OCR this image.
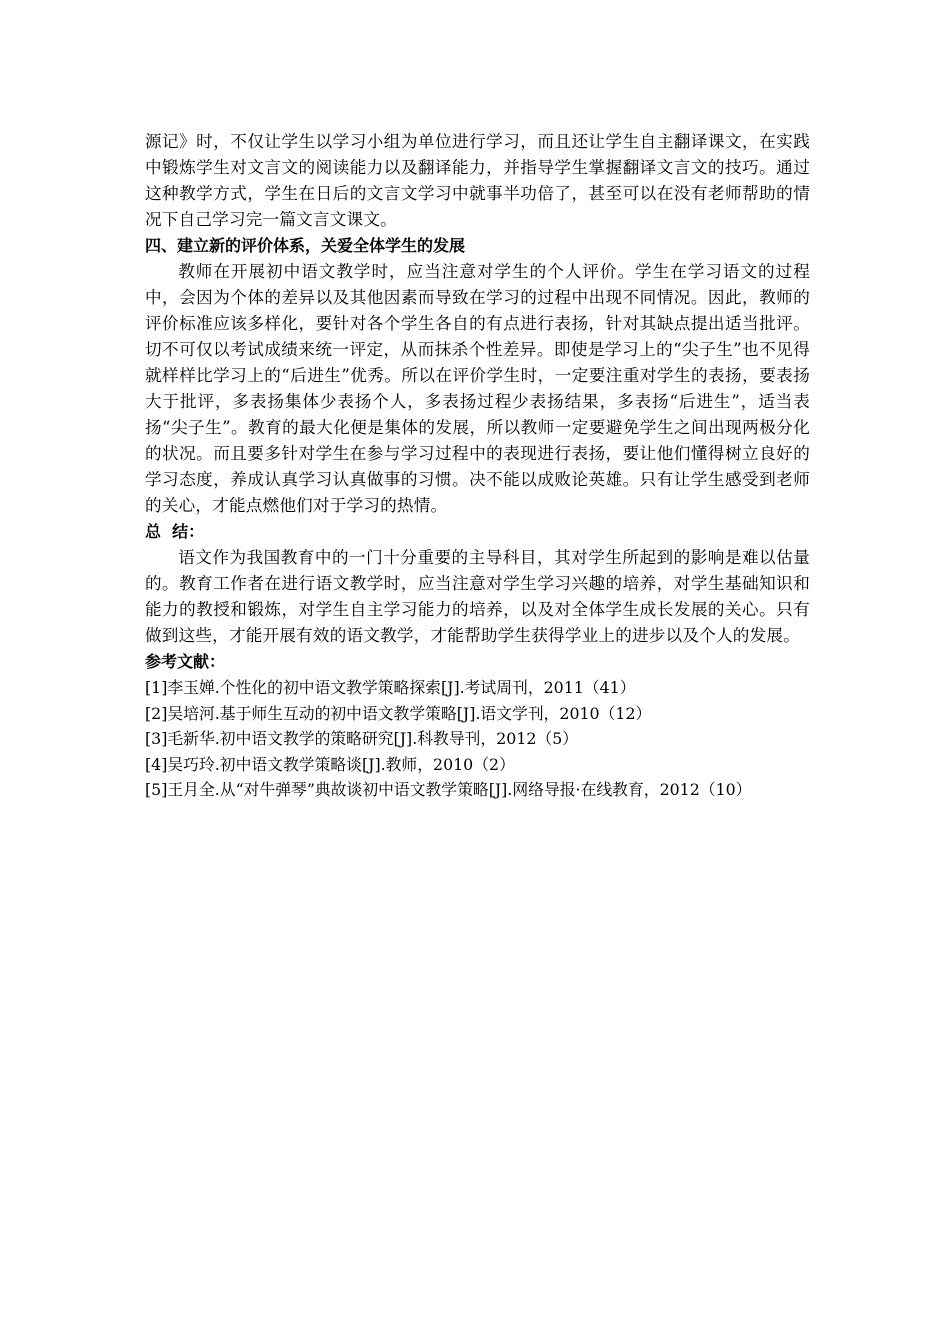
源记》时，不仅让学生以学习小组为单位进行学习，而且还让学生自主翻译课文，在实践中锻炼学生对文言文的阅读能力以及翻译能力，并指导学生掌握翻译文言文的技巧。通过这种教学方式，学生在日后的文言文学习中就事半功倍了，甚至可以在没有老师帮助的情况下自己学习完一篇文言文课文。

四、建立新的评价体系，关爱全体学生的发展

教师在开展初中语文教学时，应当注意对学生的个人评价。学生在学习语文的过程中，会因为个体的差异以及其他因素而导致在学习的过程中出现不同情况。因此，教师的评价标准应该多样化，要针对各个学生各自的有点进行表扬，针对其缺点提出适当批评。切不可仅以考试成绩来统一评定，从而抹杀个性差异。即使是学习上的“尖子生”也不见得就样样比学习上的“后进生”优秀。所以在评价学生时，一定要注重对学生的表扬，要表扬大于批评，多表扬集体少表扬个人，多表扬过程少表扬结果，多表扬“后进生”，适当表扬“尖子生”。教育的最大化便是集体的发展，所以教师一定要避免学生之间出现两极分化的状况。而且要多针对学生在参与学习过程中的表现进行表扬，要让他们懂得树立良好的学习态度，养成认真学习认真做事的习惯。决不能以成败论英雄。只有让学生感受到老师的关心，才能点燃他们对于学习的热情。

总  结：

语文作为我国教育中的一门十分重要的主导科目，其对学生所起到的影响是难以估量的。教育工作者在进行语文教学时，应当注意对学生学习兴趣的培养，对学生基础知识和能力的教授和锻炼，对学生自主学习能力的培养，以及对全体学生成长发展的关心。只有做到这些，才能开展有效的语文教学，才能帮助学生获得学业上的进步以及个人的发展。

参考文献：

[1]李玉婵.个性化的初中语文教学策略探索[J].考试周刊，2011（41）

[2]吴培河.基于师生互动的初中语文教学策略[J].语文学刊，2010（12）

[3]毛新华.初中语文教学的策略研究[J].科教导刊，2012（5）

[4]吴巧玲.初中语文教学策略谈[J].教师，2010（2）

[5]王月全.从“对牛弹琴”典故谈初中语文教学策略[J].网络导报·在线教育，2012（10）
